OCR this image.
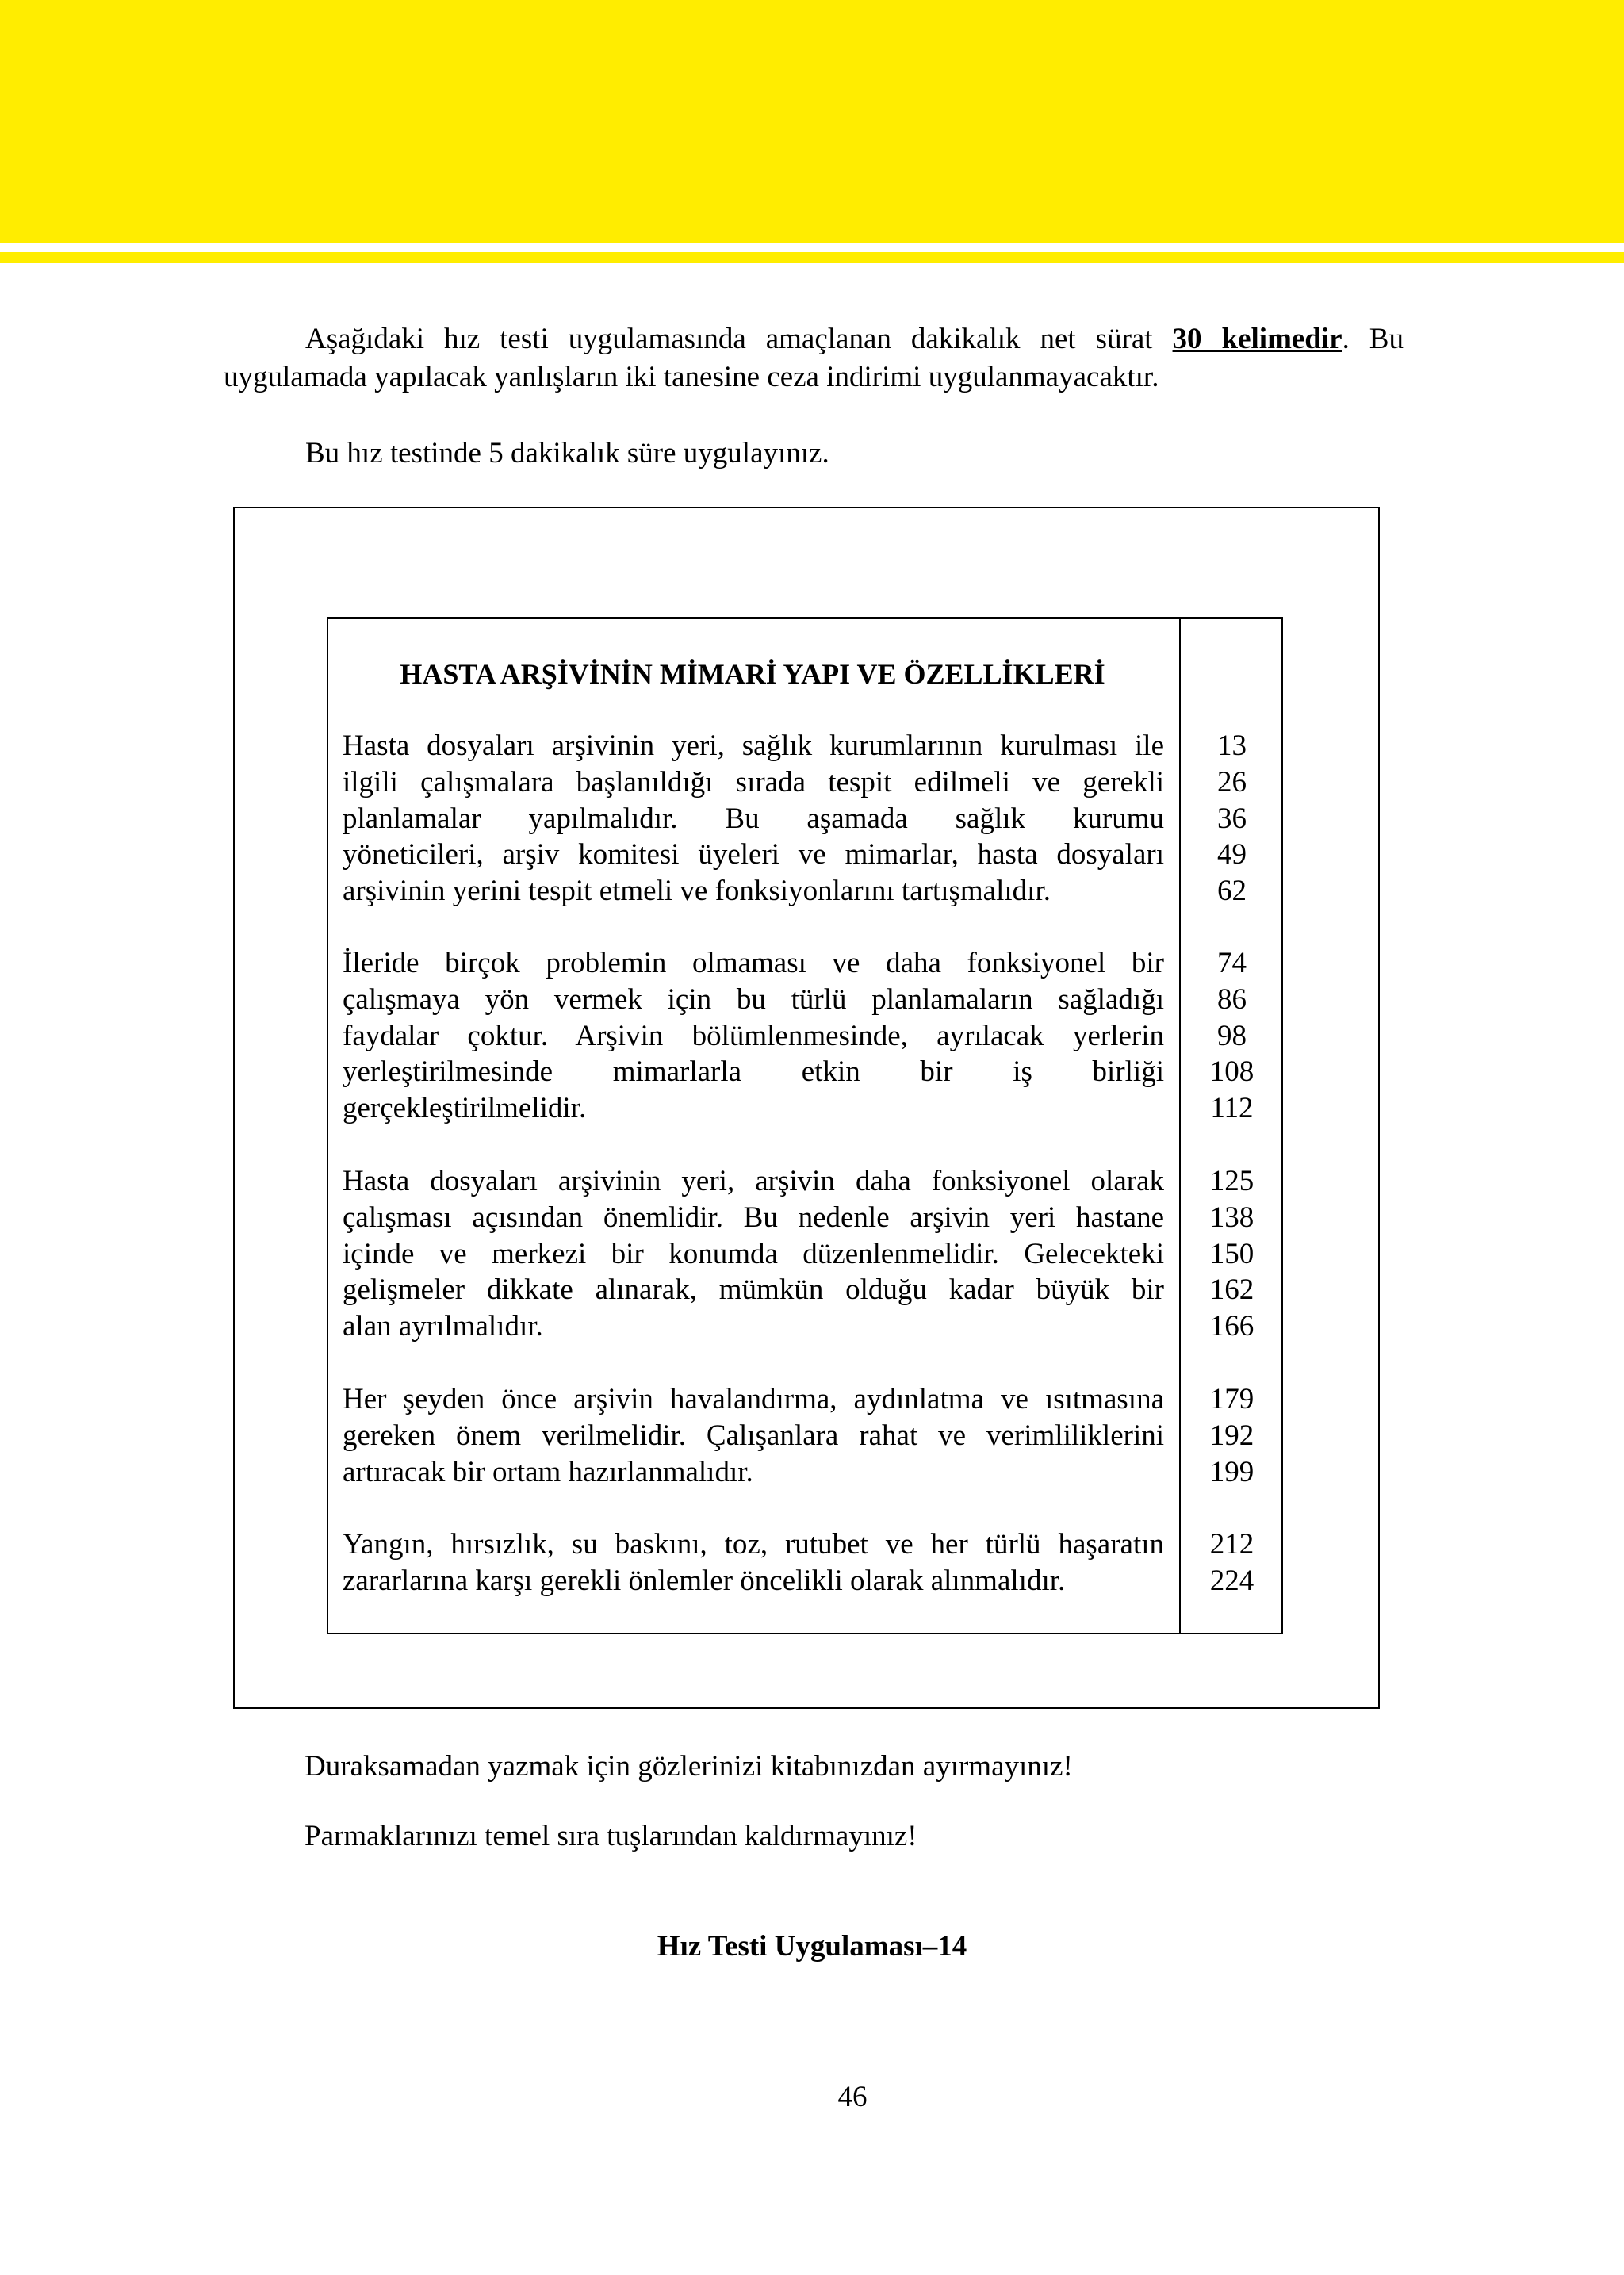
Aşağıdaki hız testi uygulamasında amaçlanan dakikalık net sürat 30 kelimedir. Bu uygulamada yapılacak yanlışların iki tanesine ceza indirimi uygulanmayacaktır.

Bu hız testinde 5 dakikalık süre uygulayınız.

HASTA ARŞİVİNİN MİMARİ YAPI VE ÖZELLİKLERİ
Hasta dosyaları arşivinin yeri, sağlık kurumlarının kurulması ile
ilgili çalışmalara başlanıldığı sırada tespit edilmeli ve gerekli
planlamalar yapılmalıdır. Bu aşamada sağlık kurumu
yöneticileri, arşiv komitesi üyeleri ve mimarlar, hasta dosyaları
arşivinin yerini tespit etmeli ve fonksiyonlarını tartışmalıdır.
13
26
36
49
62
İleride birçok problemin olmaması ve daha fonksiyonel bir
çalışmaya yön vermek için bu türlü planlamaların sağladığı
faydalar çoktur. Arşivin bölümlenmesinde, ayrılacak yerlerin
yerleştirilmesinde mimarlarla etkin bir iş birliği
gerçekleştirilmelidir.
74
86
98
108
112
Hasta dosyaları arşivinin yeri, arşivin daha fonksiyonel olarak
çalışması açısından önemlidir. Bu nedenle arşivin yeri hastane
içinde ve merkezi bir konumda düzenlenmelidir. Gelecekteki
gelişmeler dikkate alınarak, mümkün olduğu kadar büyük bir
alan ayrılmalıdır.
125
138
150
162
166
Her şeyden önce arşivin havalandırma, aydınlatma ve ısıtmasına
gereken önem verilmelidir. Çalışanlara rahat ve verimliliklerini
artıracak bir ortam hazırlanmalıdır.
179
192
199
Yangın, hırsızlık, su baskını, toz, rutubet ve her türlü haşaratın
zararlarına karşı gerekli önlemler öncelikli olarak alınmalıdır.
212
224

Duraksamadan yazmak için gözlerinizi kitabınızdan ayırmayınız!

Parmaklarınızı temel sıra tuşlarından kaldırmayınız!

Hız Testi Uygulaması–14
46
